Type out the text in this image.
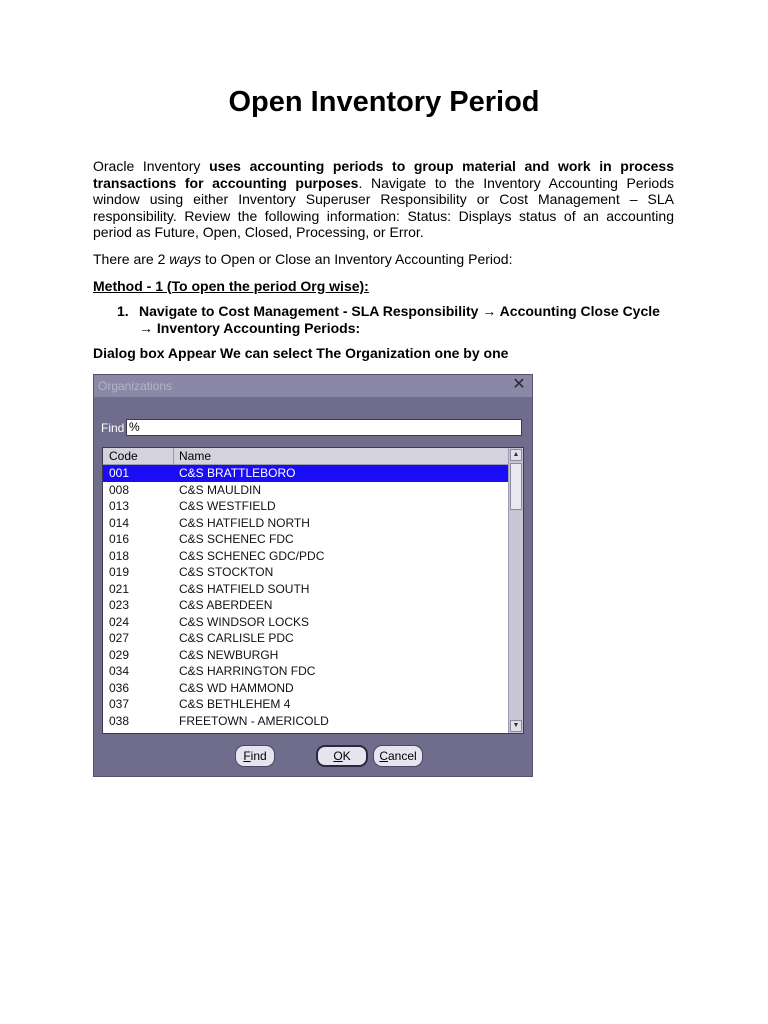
Open Inventory Period

Oracle Inventory uses accounting periods to group material and work in process transactions for accounting purposes. Navigate to the Inventory Accounting Periods window using either Inventory Superuser Responsibility or Cost Management – SLA responsibility. Review the following information: Status: Displays status of an accounting period as Future, Open, Closed, Processing, or Error.

There are 2 ways to Open or Close an Inventory Accounting Period:

Method - 1 (To open the period Org wise):

1. Navigate to Cost Management - SLA Responsibility → Accounting Close Cycle → Inventory Accounting Periods:

Dialog box Appear We can select The Organization one by one

Organizations	✕
Find %
Code	Name
001	C&S BRATTLEBORO
008	C&S MAULDIN
013	C&S WESTFIELD
014	C&S HATFIELD NORTH
016	C&S SCHENEC FDC
018	C&S SCHENEC GDC/PDC
019	C&S STOCKTON
021	C&S HATFIELD SOUTH
023	C&S ABERDEEN
024	C&S WINDSOR LOCKS
027	C&S CARLISLE PDC
029	C&S NEWBURGH
034	C&S HARRINGTON FDC
036	C&S WD HAMMOND
037	C&S BETHLEHEM 4
038	FREETOWN - AMERICOLD
▲
▼
Find	OK	Cancel
